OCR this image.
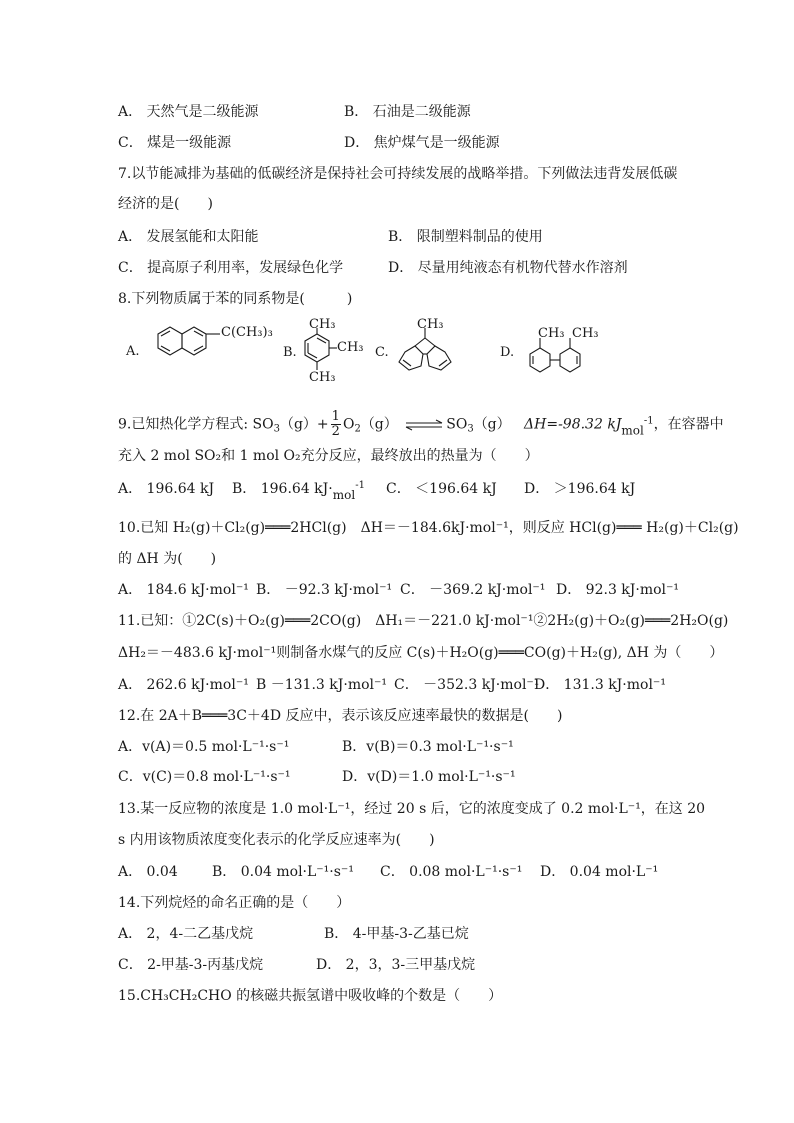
A． 天然气是二级能源	B． 石油是二级能源
C． 煤是一级能源	D． 焦炉煤气是一级能源
7.以节能减排为基础的低碳经济是保持社会可持续发展的战略举措。下列做法违背发展低碳
经济的是(　　)
A． 发展氢能和太阳能	B． 限制塑料制品的使用
C． 提高原子利用率，发展绿色化学	D． 尽量用纯液态有机物代替水作溶剂
8.下列物质属于苯的同系物是(　　　)
A.
C(CH₃)₃
B.
CH₃
CH₃
CH₃
C.
CH₃
D.
CH₃ CH₃
9.已知热化学方程式: $SO_3(g)+ \frac{1}{2} O_2(g)$ ⇌ $SO_3(g)$ ΔH=-98.32 $kJ_{mol}^{-1}$，在容器中
充入 2 mol SO₂和 1 mol O₂充分反应，最终放出的热量为（　　）
A． 196.64 kJ B． 196.64 $kJ\cdot_{mol}^{-1}$ C． ＜196.64 kJ D． ＞196.64 kJ
10.已知 H₂(g)＋Cl₂(g)═══2HCl(g)　ΔH＝－184.6kJ·mol⁻¹，则反应 HCl(g)═══ H₂(g)＋Cl₂(g)
的 ΔH 为(　　)
A． 184.6 kJ·mol⁻¹ B． －92.3 kJ·mol⁻¹ C． －369.2 kJ·mol⁻¹ D． 92.3 kJ·mol⁻¹
11.已知：①2C(s)＋O₂(g)═══2CO(g)　ΔH₁＝－221.0 kJ·mol⁻¹②2H₂(g)＋O₂(g)═══2H₂O(g)
ΔH₂＝－483.6 kJ·mol⁻¹则制备水煤气的反应 C(s)＋H₂O(g)═══CO(g)＋H₂(g), ΔH 为（　　）
A． 262.6 kJ·mol⁻¹ B －131.3 kJ·mol⁻¹ C． －352.3 kJ·mol⁻¹
D． 131.3 kJ·mol⁻¹
12.在 2A＋B═══3C＋4D 反应中，表示该反应速率最快的数据是(　　)
A．v(A)＝0.5 mol·L⁻¹·s⁻¹	B．v(B)＝0.3 mol·L⁻¹·s⁻¹
C．v(C)＝0.8 mol·L⁻¹·s⁻¹	D．v(D)＝1.0 mol·L⁻¹·s⁻¹
13.某一反应物的浓度是 1.0 mol·L⁻¹，经过 20 s 后，它的浓度变成了 0.2 mol·L⁻¹，在这 20
s 内用该物质浓度变化表示的化学反应速率为(　　)
A． 0.04 B． 0.04 mol·L⁻¹·s⁻¹ C． 0.08 mol·L⁻¹·s⁻¹ D． 0.04 mol·L⁻¹
14.下列烷烃的命名正确的是（　　）
A． 2，4-二乙基戊烷	B． 4-甲基-3-乙基已烷
C． 2-甲基-3-丙基戊烷	D． 2，3，3-三甲基戊烷
15.CH₃CH₂CHO 的核磁共振氢谱中吸收峰的个数是（　　）
